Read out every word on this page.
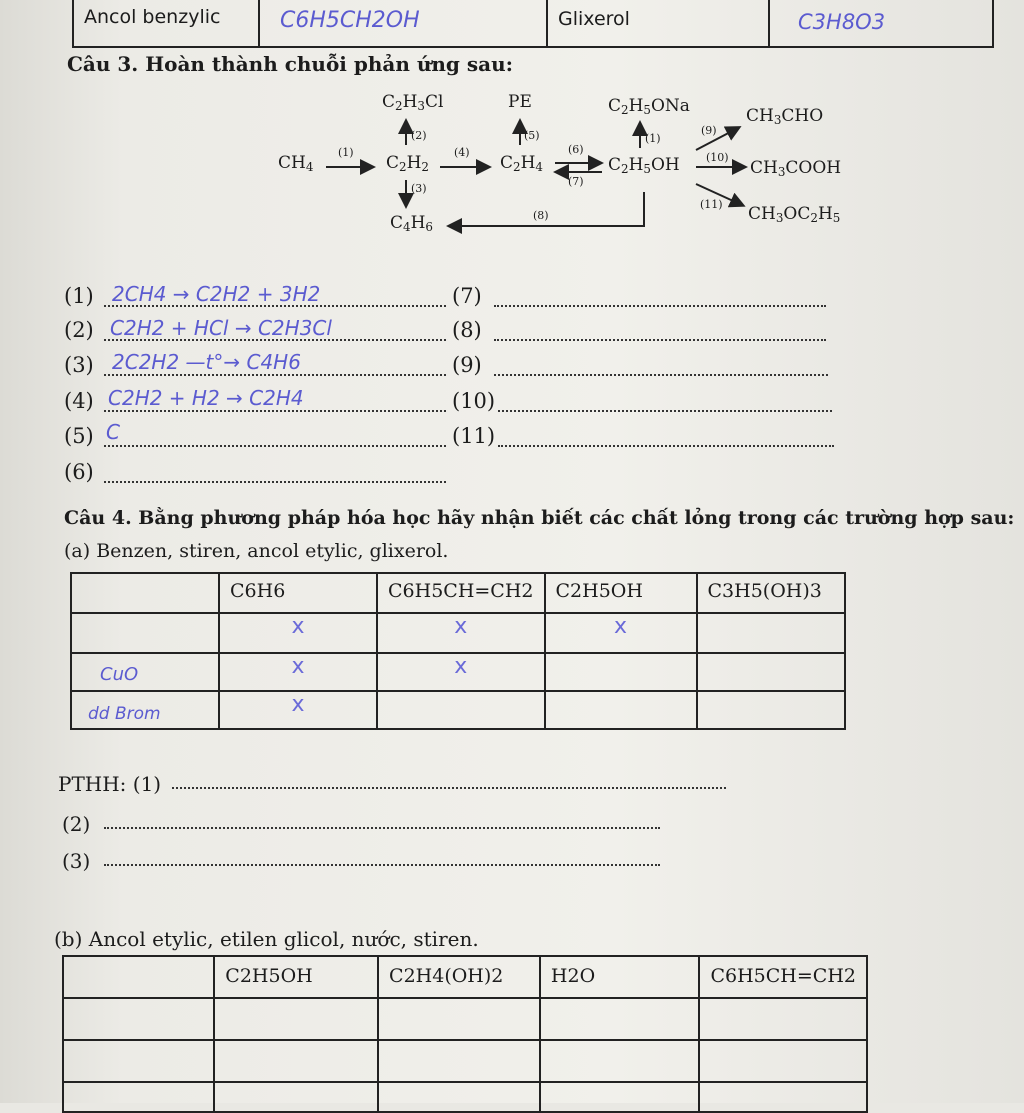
Ancol benzylic	C6H5CH2OH	Glixerol	C3H8O3
Câu 3. Hoàn thành chuỗi phản ứng sau:
$CH_4$
$C_2H_3Cl$
$C_2H_2$
$C_4H_6$
PE
$C_2H_4$
$C_2H_5ONa$
$C_2H_5OH$
$CH_3CHO$
$CH_3COOH$
$CH_3OC_2H_5$
(1)
(2)
(3)
(4)
(5)
(6)
(7)
(8)
(1)
(9)
(10)
(11)
(1) 2CH4 → C2H2 + 3H2
(2) C2H2 + HCl → C2H3Cl
(3) 2C2H2 —t°→ C4H6
(4) C2H2 + H2 → C2H4
(5) C
(6)
(7)
(8)
(9)
(10)
(11)
Câu 4. Bằng phương pháp hóa học hãy nhận biết các chất lỏng trong các trường hợp sau:
(a) Benzen, stiren, ancol etylic, glixerol.

	C6H6	C6H5CH=CH2	C2H5OH	C3H5(OH)3

	x	x	x	

CuO	x	x		

dd Brom	x			
PTHH: (1)
(2)
(3)
(b) Ancol etylic, etilen glicol, nước, stiren.

	C2H5OH	C2H4(OH)2	H2O	C6H5CH=CH2
